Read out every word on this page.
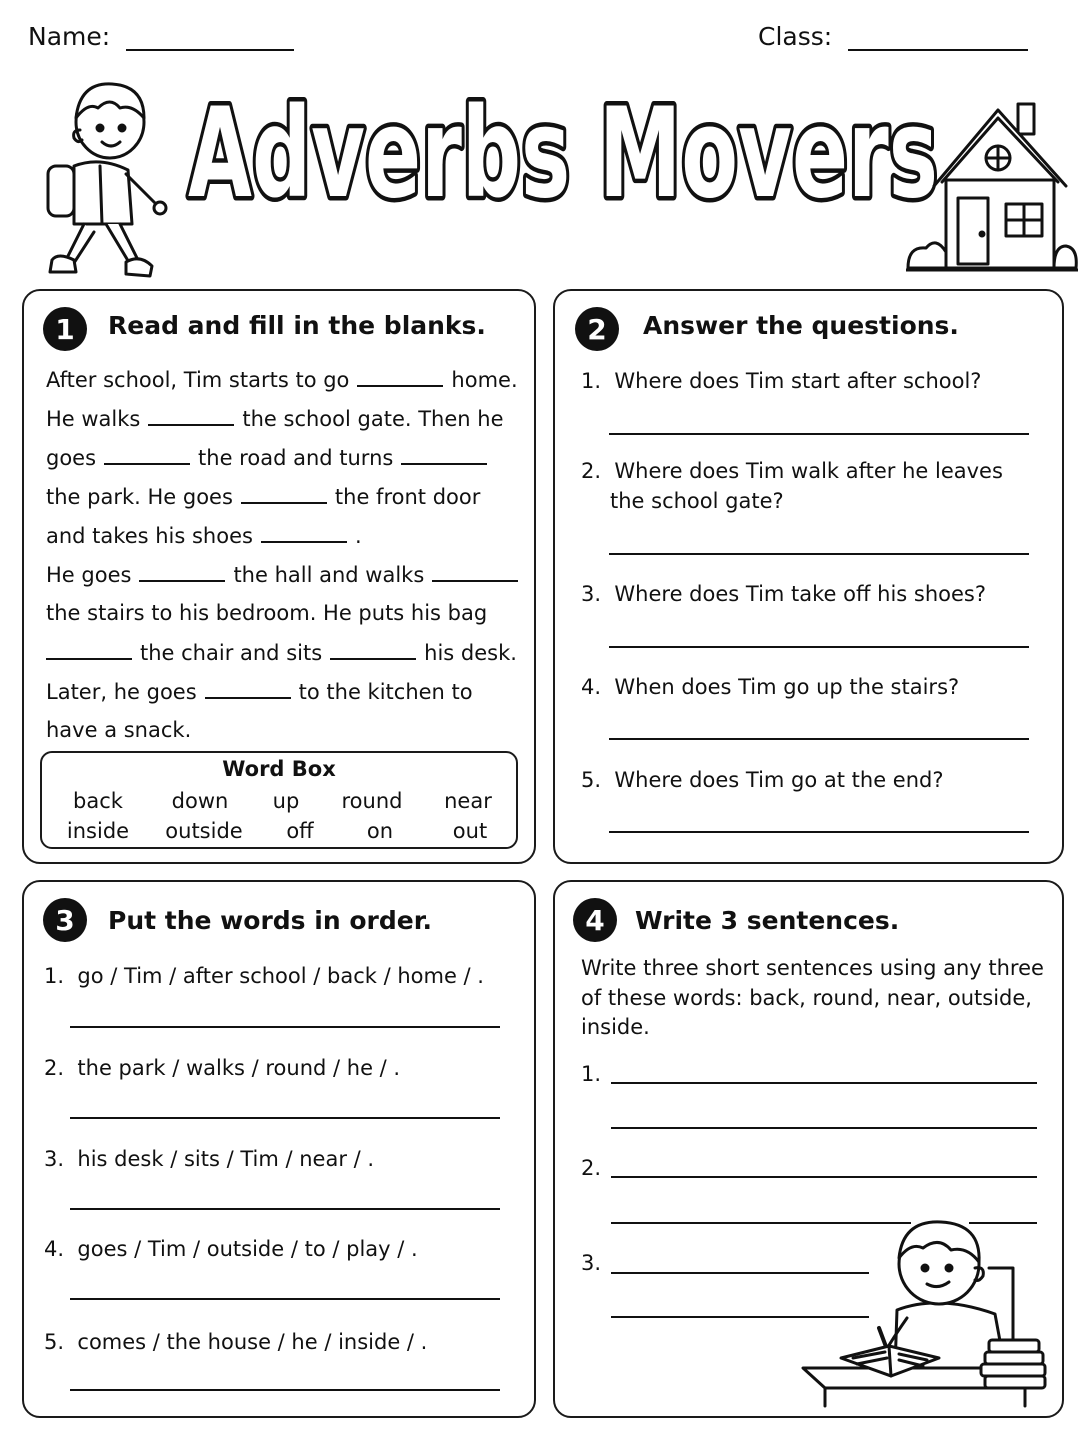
Name:	Class:
Adverbs Movers
1	Read and fill in the blanks.
After school, Tim starts to go	home.
He walks	the school gate. Then he
goes	the road and turns
the park. He goes	the front door
and takes his shoes	.
He goes	the hall and walks
the stairs to his bedroom. He puts his bag
the chair and sits	his desk.
Later, he goes	to the kitchen to
have a snack.
Word Box
back	down	up	round	near
inside	outside	off	on	out
2	Answer the questions.
1. Where does Tim start after school?
2. Where does Tim walk after he leaves
the school gate?
3. Where does Tim take off his shoes?
4. When does Tim go up the stairs?
5. Where does Tim go at the end?
3	Put the words in order.
1. go / Tim / after school / back / home / .
2. the park / walks / round / he / .
3. his desk / sits / Tim / near / .
4. goes / Tim / outside / to / play / .
5. comes / the house / he / inside / .
4	Write 3 sentences.
Write three short sentences using any three
of these words: back, round, near, outside,
inside.
1.
2.
3.
